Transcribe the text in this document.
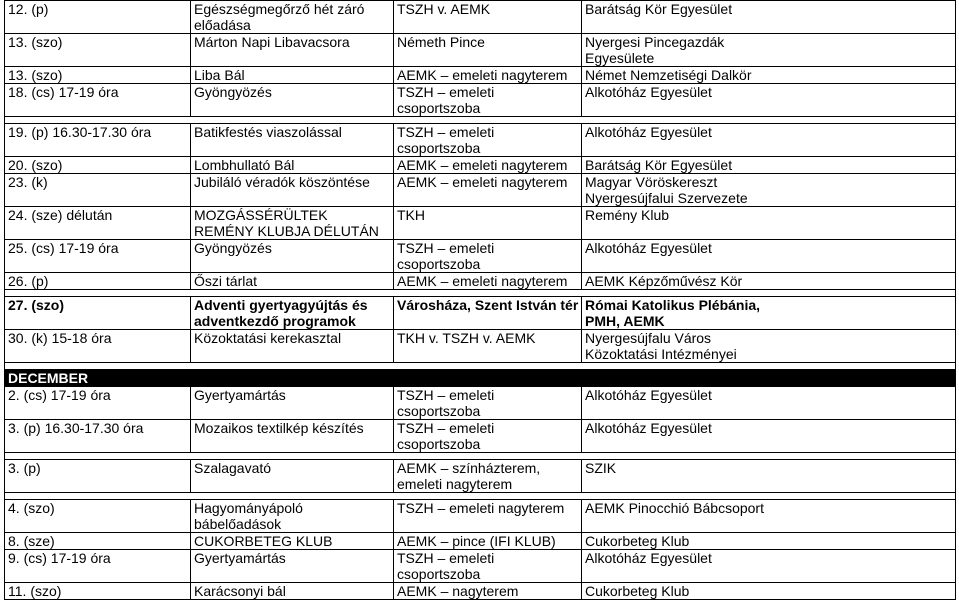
12. (p)	Egészségmegőrző hét záró előadása	TSZH v. AEMK	Barátság Kör Egyesület
13. (szo)	Márton Napi Libavacsora	Németh Pince	Nyergesi Pincegazdák Egyesülete
13. (szo)	Liba Bál	AEMK – emeleti nagyterem	Német Nemzetiségi Dalkör
18. (cs) 17-19 óra	Gyöngyözés	TSZH – emeleti csoportszoba	Alkotóház Egyesület

19. (p) 16.30-17.30 óra	Batikfestés viaszolással	TSZH – emeleti csoportszoba	Alkotóház Egyesület
20. (szo)	Lombhullató Bál	AEMK – emeleti nagyterem	Barátság Kör Egyesület
23. (k)	Jubiláló véradók köszöntése	AEMK – emeleti nagyterem	Magyar Vöröskereszt Nyergesújfalui Szervezete
24. (sze) délután	MOZGÁSSÉRÜLTEK REMÉNY KLUBJA DÉLUTÁN	TKH	Remény Klub
25. (cs) 17-19 óra	Gyöngyözés	TSZH – emeleti csoportszoba	Alkotóház Egyesület
26. (p)	Őszi tárlat	AEMK – emeleti nagyterem	AEMK Képzőművész Kör

27. (szo)	Adventi gyertyagyújtás és adventkezdő programok	Városháza, Szent István tér	Római Katolikus Plébánia, PMH, AEMK
30. (k) 15-18 óra	Közoktatási kerekasztal	TKH v. TSZH v. AEMK	Nyergesújfalu Város Közoktatási Intézményei

DECEMBER			
2. (cs) 17-19 óra	Gyertyamártás	TSZH – emeleti csoportszoba	Alkotóház Egyesület
3. (p) 16.30-17.30 óra	Mozaikos textilkép készítés	TSZH – emeleti csoportszoba	Alkotóház Egyesület

3. (p)	Szalagavató	AEMK – színházterem, emeleti nagyterem	SZIK

4. (szo)	Hagyományápoló bábelőadások	TSZH – emeleti nagyterem	AEMK Pinocchió Bábcsoport
8. (sze)	CUKORBETEG KLUB	AEMK – pince (IFI KLUB)	Cukorbeteg Klub
9. (cs) 17-19 óra	Gyertyamártás	TSZH – emeleti csoportszoba	Alkotóház Egyesület
11. (szo)	Karácsonyi bál	AEMK – nagyterem	Cukorbeteg Klub
